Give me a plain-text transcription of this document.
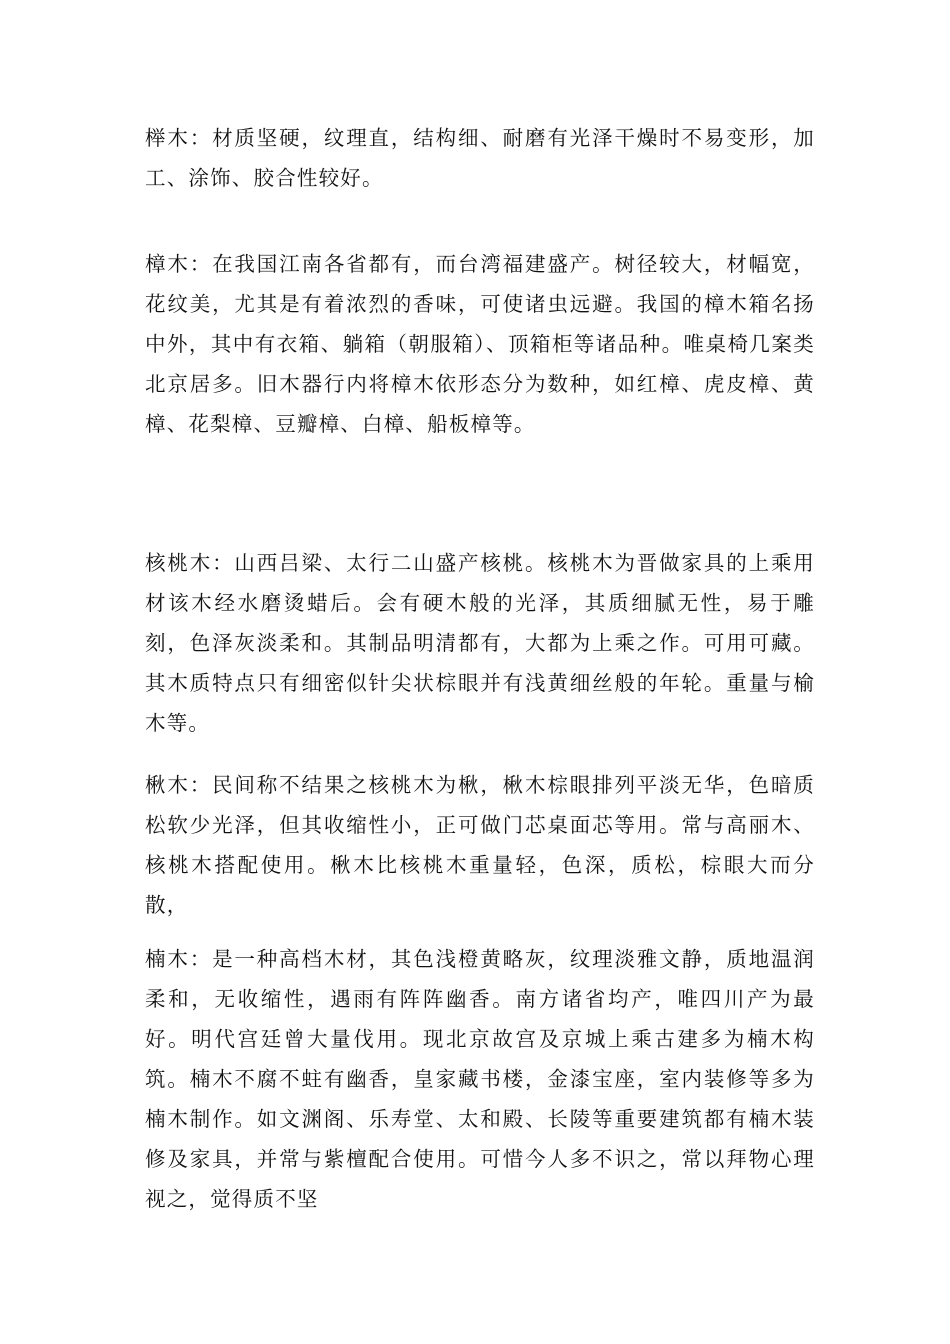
榉木：材质坚硬，纹理直，结构细、耐磨有光泽干燥时不易变形，加工、涂饰、胶合性较好。

樟木：在我国江南各省都有，而台湾福建盛产。树径较大，材幅宽，花纹美，尤其是有着浓烈的香味，可使诸虫远避。我国的樟木箱名扬中外，其中有衣箱、躺箱（朝服箱）、顶箱柜等诸品种。唯桌椅几案类北京居多。旧木器行内将樟木依形态分为数种，如红樟、虎皮樟、黄樟、花梨樟、豆瓣樟、白樟、船板樟等。

核桃木：山西吕梁、太行二山盛产核桃。核桃木为晋做家具的上乘用材该木经水磨烫蜡后。会有硬木般的光泽，其质细腻无性，易于雕刻，色泽灰淡柔和。其制品明清都有，大都为上乘之作。可用可藏。其木质特点只有细密似针尖状棕眼并有浅黄细丝般的年轮。重量与榆木等。

楸木：民间称不结果之核桃木为楸，楸木棕眼排列平淡无华，色暗质松软少光泽，但其收缩性小，正可做门芯桌面芯等用。常与高丽木、核桃木搭配使用。楸木比核桃木重量轻，色深，质松，棕眼大而分散，

楠木：是一种高档木材，其色浅橙黄略灰，纹理淡雅文静，质地温润柔和，无收缩性，遇雨有阵阵幽香。南方诸省均产，唯四川产为最好。明代宫廷曾大量伐用。现北京故宫及京城上乘古建多为楠木构筑。楠木不腐不蛀有幽香，皇家藏书楼，金漆宝座，室内装修等多为楠木制作。如文渊阁、乐寿堂、太和殿、长陵等重要建筑都有楠木装修及家具，并常与紫檀配合使用。可惜今人多不识之，常以拜物心理视之，觉得质不坚
